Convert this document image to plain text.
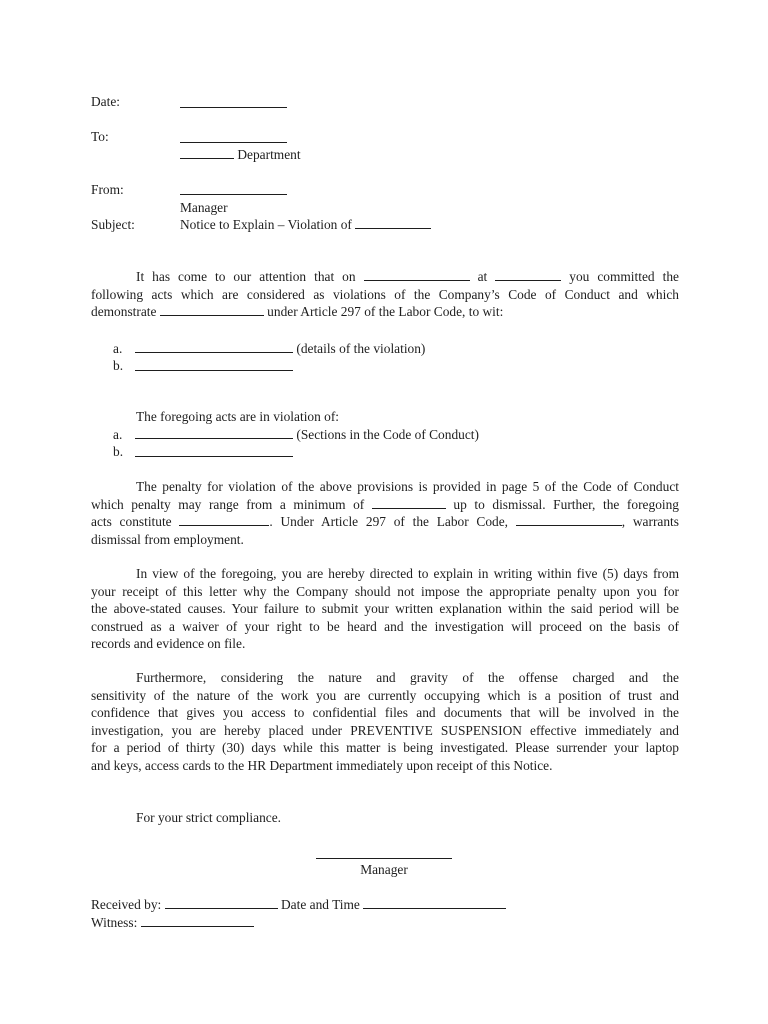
Date:
To:
Department
From:
Manager
Subject:	Notice to Explain – Violation of
It has come to our attention that on	at	you committed the
following acts which are considered as violations of the Company’s Code of Conduct and which
demonstrate	under Article 297 of the Labor Code, to wit:
a.	(details of the violation)
b.
The foregoing acts are in violation of:
a.	(Sections in the Code of Conduct)
b.
The penalty for violation of the above provisions is provided in page 5 of the Code of Conduct
which penalty may range from a minimum of	up to dismissal. Further, the foregoing
acts constitute	. Under Article 297 of the Labor Code,	, warrants
dismissal from employment.
In view of the foregoing, you are hereby directed to explain in writing within five (5) days from
your receipt of this letter why the Company should not impose the appropriate penalty upon you for
the above-stated causes. Your failure to submit your written explanation within the said period will be
construed as a waiver of your right to be heard and the investigation will proceed on the basis of
records and evidence on file.
Furthermore, considering the nature and gravity of the offense charged and the
sensitivity of the nature of the work you are currently occupying which is a position of trust and
confidence that gives you access to confidential files and documents that will be involved in the
investigation, you are hereby placed under PREVENTIVE SUSPENSION effective immediately and
for a period of thirty (30) days while this matter is being investigated. Please surrender your laptop
and keys, access cards to the HR Department immediately upon receipt of this Notice.
For your strict compliance.
Manager
Received by:	Date and Time
Witness:
